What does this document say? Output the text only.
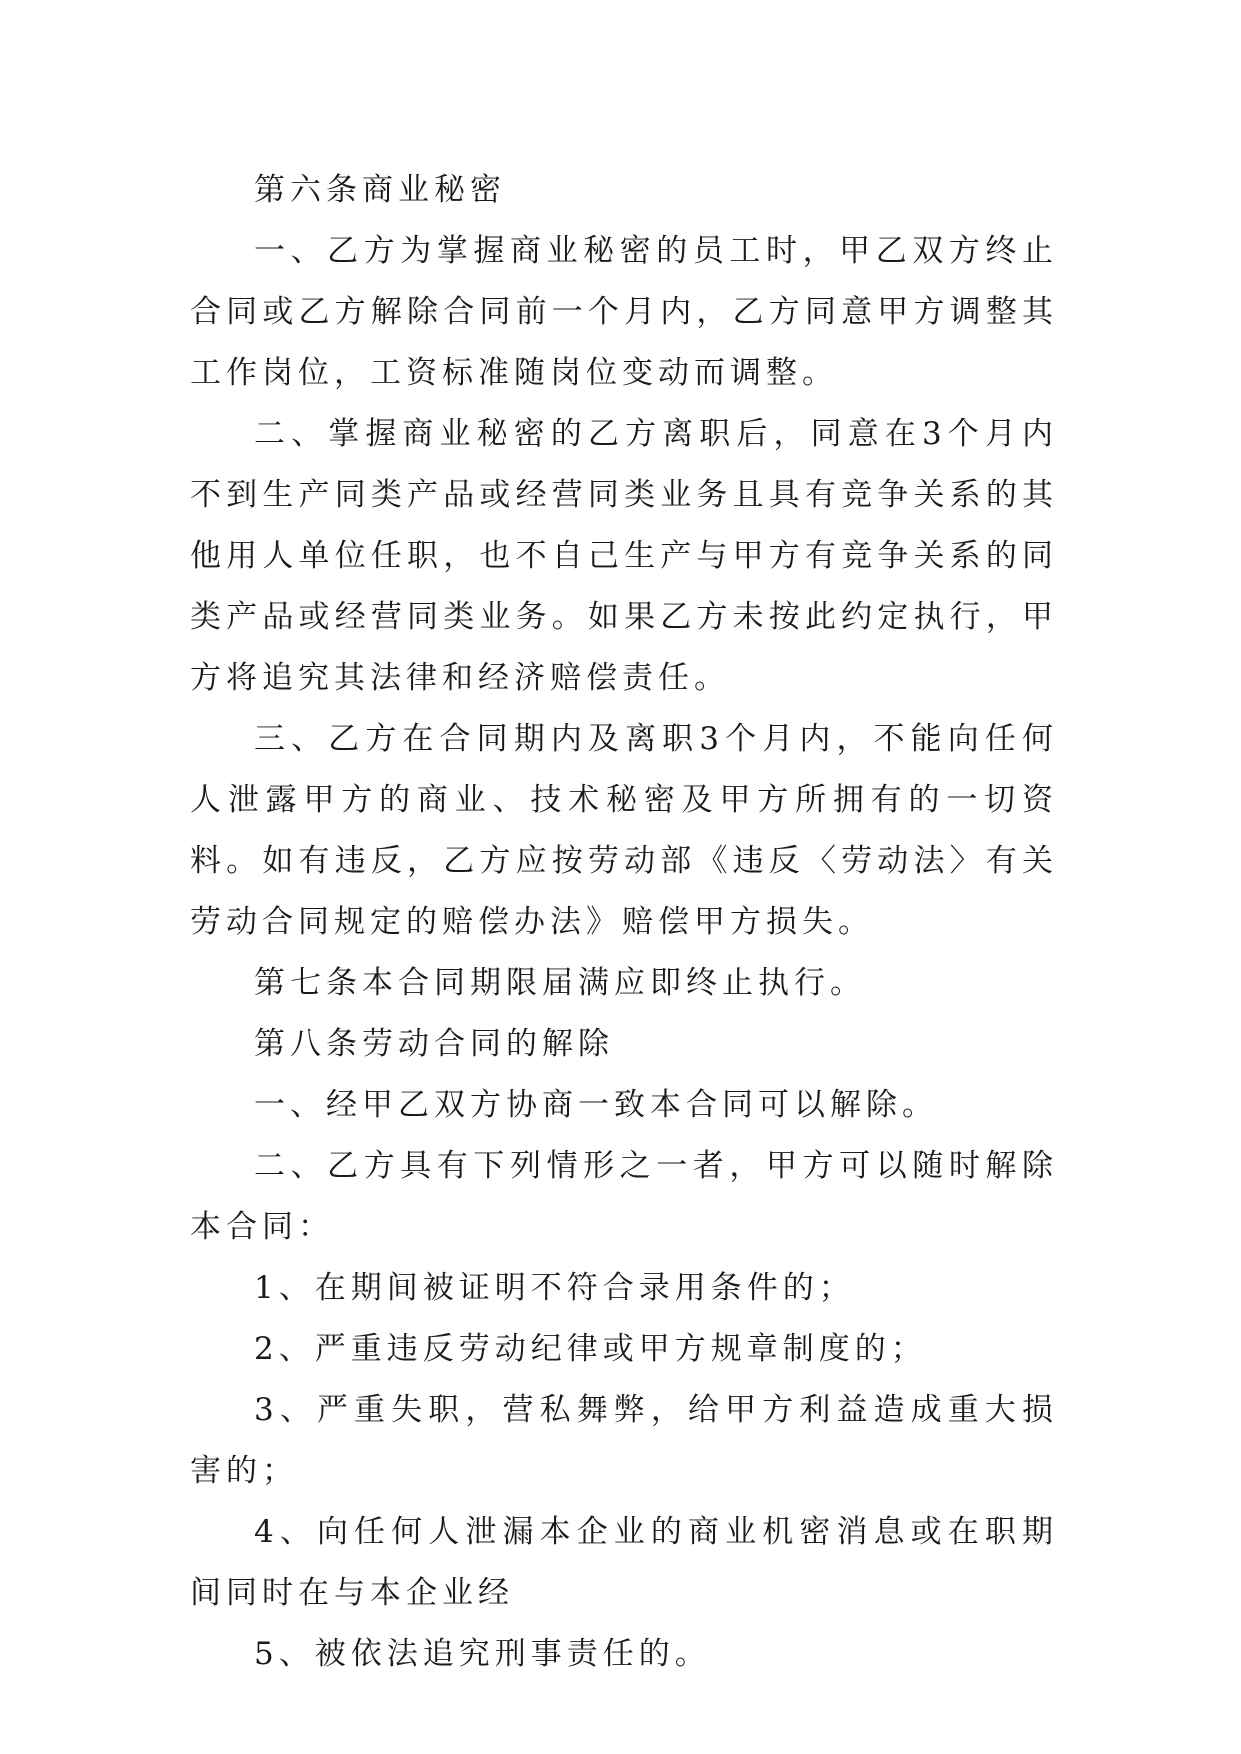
第六条商业秘密

一、乙方为掌握商业秘密的员工时，甲乙双方终止合同或乙方解除合同前一个月内，乙方同意甲方调整其工作岗位，工资标准随岗位变动而调整。

二、掌握商业秘密的乙方离职后，同意在3个月内不到生产同类产品或经营同类业务且具有竞争关系的其他用人单位任职，也不自己生产与甲方有竞争关系的同类产品或经营同类业务。如果乙方未按此约定执行，甲方将追究其法律和经济赔偿责任。

三、乙方在合同期内及离职3个月内，不能向任何人泄露甲方的商业、技术秘密及甲方所拥有的一切资料。如有违反，乙方应按劳动部《违反〈劳动法〉有关劳动合同规定的赔偿办法》赔偿甲方损失。

第七条本合同期限届满应即终止执行。

第八条劳动合同的解除

一、经甲乙双方协商一致本合同可以解除。

二、乙方具有下列情形之一者，甲方可以随时解除本合同：

1、在期间被证明不符合录用条件的；

2、严重违反劳动纪律或甲方规章制度的；

3、严重失职，营私舞弊，给甲方利益造成重大损害的；

4、向任何人泄漏本企业的商业机密消息或在职期间同时在与本企业经

5、被依法追究刑事责任的。
